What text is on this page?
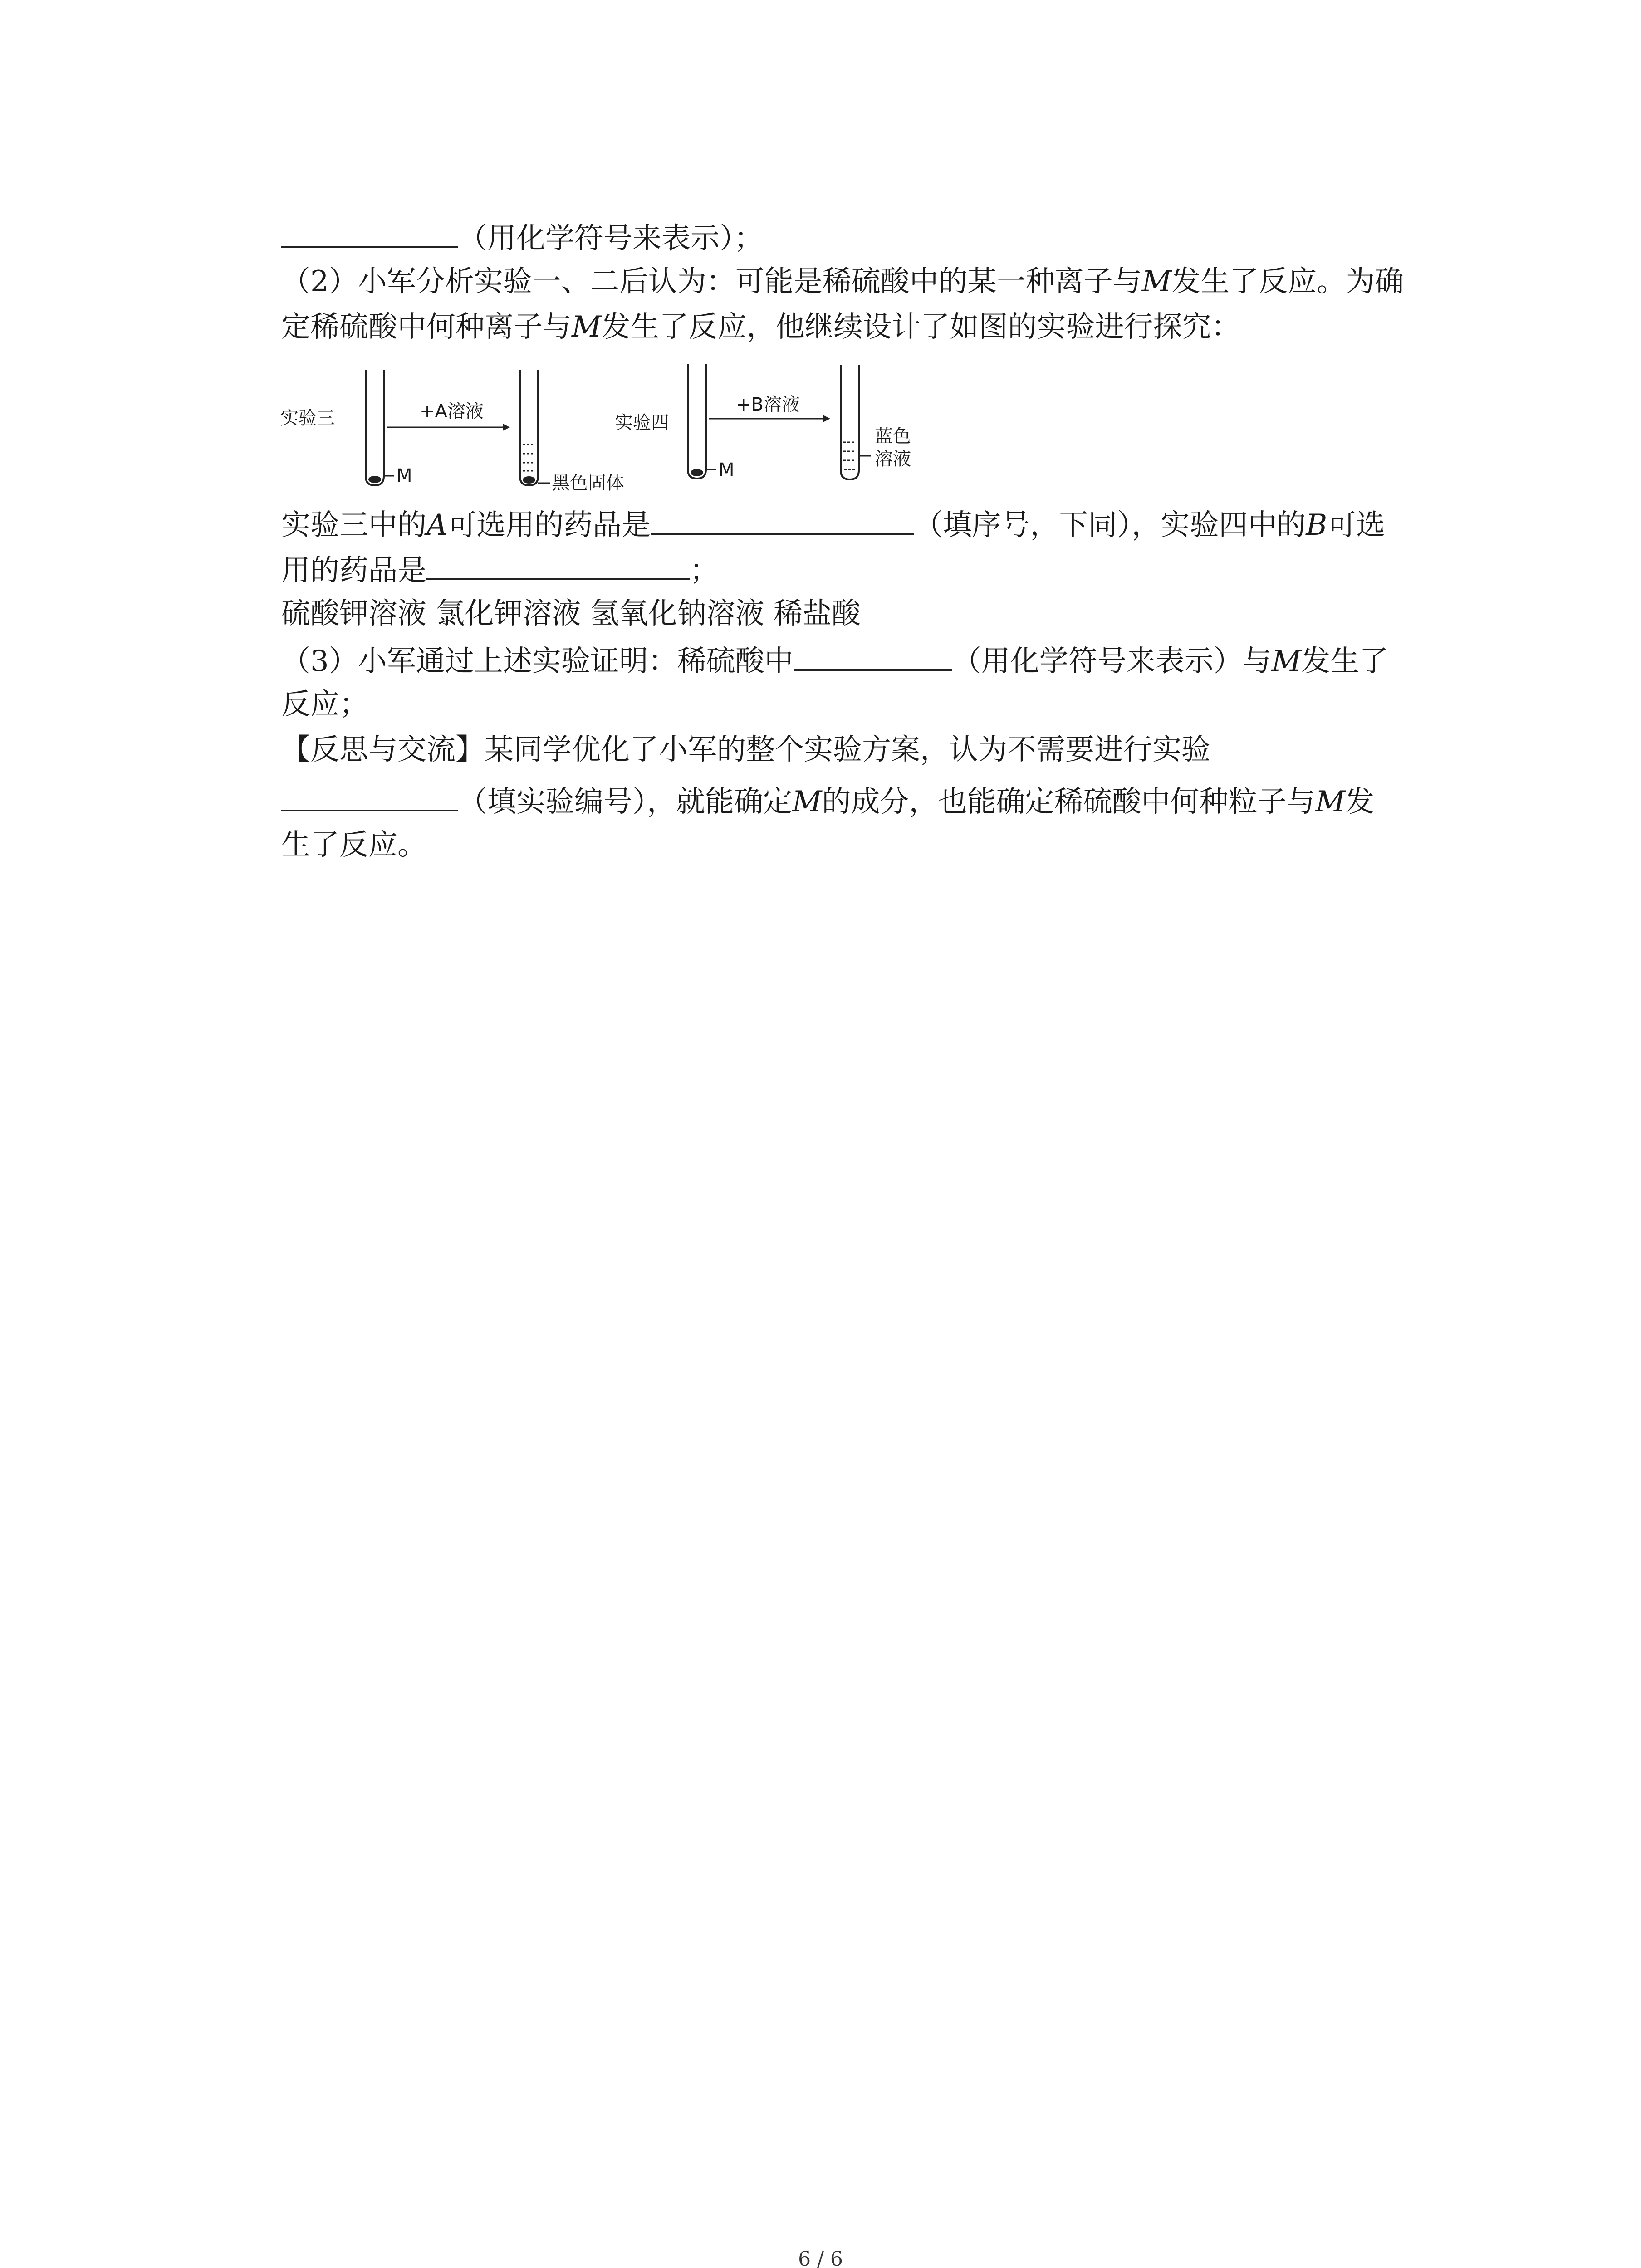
（用化学符号来表示）；
（2）小军分析实验一、二后认为：可能是稀硫酸中的某一种离子与M发生了反应。为确
定稀硫酸中何种离子与M发生了反应，他继续设计了如图的实验进行探究：
实验三
M
+A溶液
黑色固体
实验四
M
+B溶液
蓝色
溶液
实验三中的A可选用的药品是	（填序号，下同），实验四中的B可选
用的药品是	；
硫酸钾溶液 氯化钾溶液 氢氧化钠溶液 稀盐酸
（3）小军通过上述实验证明：稀硫酸中	（用化学符号来表示）与M发生了
反应；
【反思与交流】某同学优化了小军的整个实验方案，认为不需要进行实验
（填实验编号），就能确定M的成分，也能确定稀硫酸中何种粒子与M发
生了反应。
6 / 6
